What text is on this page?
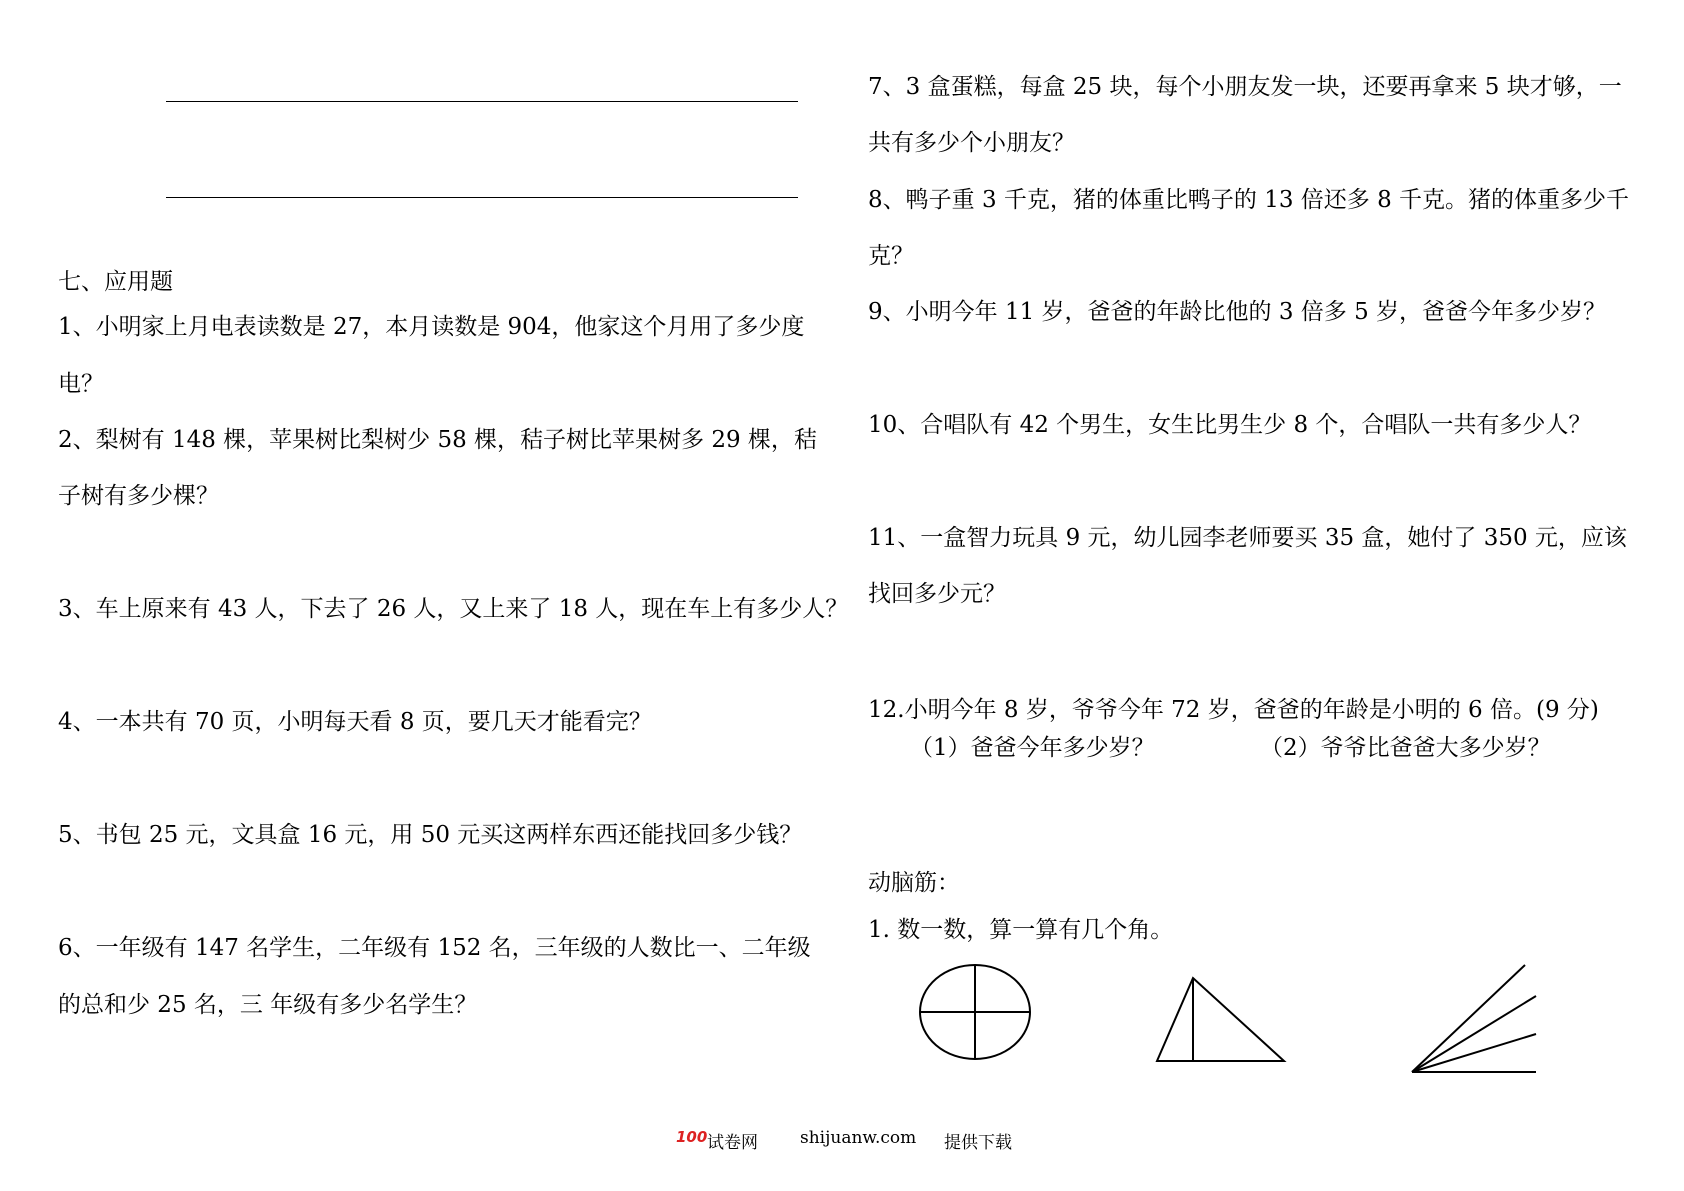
七、应用题
1、小明家上月电表读数是 27，本月读数是 904，他家这个月用了多少度
电？
2、梨树有 148 棵，苹果树比梨树少 58 棵，秸子树比苹果树多 29 棵，秸
子树有多少棵？
3、车上原来有 43 人，下去了 26 人，又上来了 18 人，现在车上有多少人？
4、一本共有 70 页，小明每天看 8 页，要几天才能看完？
5、书包 25 元，文具盒 16 元，用 50 元买这两样东西还能找回多少钱？
6、一年级有 147 名学生，二年级有 152 名，三年级的人数比一、二年级
的总和少 25 名，三 年级有多少名学生？
7、3 盒蛋糕，每盒 25 块，每个小朋友发一块，还要再拿来 5 块才够，一
共有多少个小朋友？
8、鸭子重 3 千克，猪的体重比鸭子的 13 倍还多 8 千克。猪的体重多少千
克？
9、小明今年 11 岁，爸爸的年龄比他的 3 倍多 5 岁，爸爸今年多少岁？
10、合唱队有 42 个男生，女生比男生少 8 个，合唱队一共有多少人？
11、一盒智力玩具 9 元，幼儿园李老师要买 35 盒，她付了 350 元，应该
找回多少元？
12.小明今年 8 岁，爷爷今年 72 岁，爸爸的年龄是小明的 6 倍。(9 分)
（1）爸爸今年多少岁？	（2）爷爷比爸爸大多少岁？
动脑筋：
1. 数一数，算一算有几个角。
100 试卷网 shijuanw.com 提供下载
